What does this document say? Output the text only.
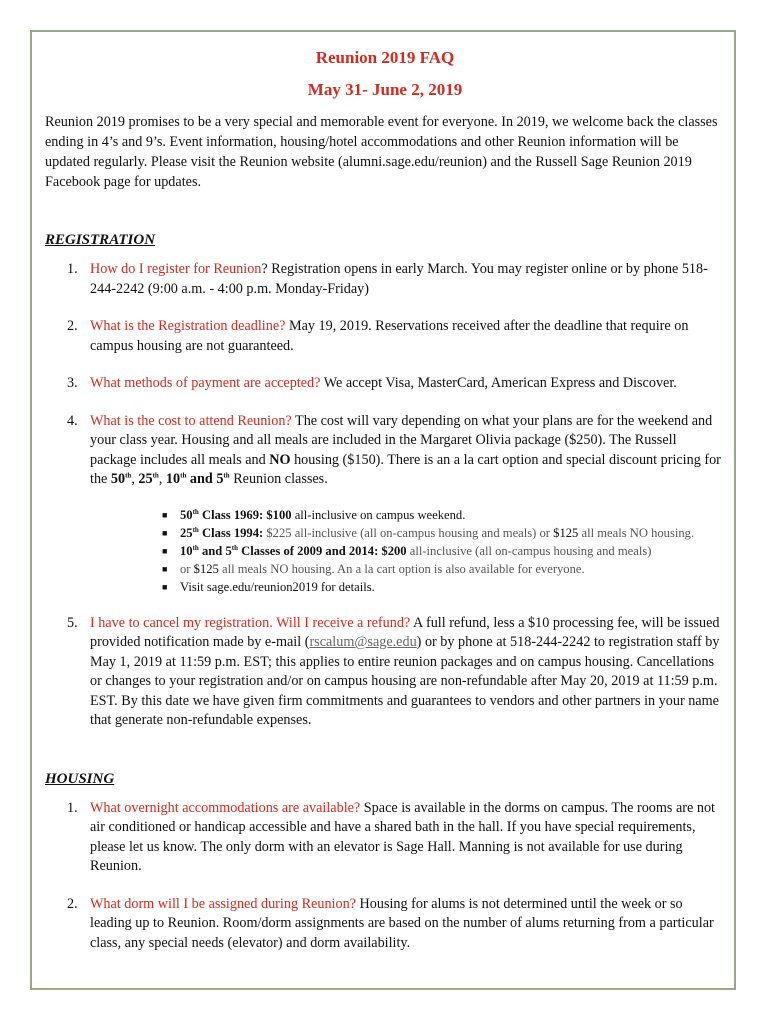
Reunion 2019 FAQ
May 31- June 2, 2019

Reunion 2019 promises to be a very special and memorable event for everyone. In 2019, we welcome back the classes ending in 4’s and 9’s. Event information, housing/hotel accommodations and other Reunion information will be updated regularly. Please visit the Reunion website (alumni.sage.edu/reunion) and the Russell Sage Reunion 2019 Facebook page for updates.

REGISTRATION
1. How do I register for Reunion? Registration opens in early March. You may register online or by phone 518-244-2242 (9:00 a.m. - 4:00 p.m. Monday-Friday)
2. What is the Registration deadline? May 19, 2019. Reservations received after the deadline that require on campus housing are not guaranteed.
3. What methods of payment are accepted? We accept Visa, MasterCard, American Express and Discover.
4. What is the cost to attend Reunion? The cost will vary depending on what your plans are for the weekend and your class year. Housing and all meals are included in the Margaret Olivia package ($250). The Russell package includes all meals and NO housing ($150). There is an a la cart option and special discount pricing for the 50th, 25th, 10th and 5th Reunion classes.
■ 50th Class 1969: $100 all-inclusive on campus weekend.
■ 25th Class 1994: $225 all-inclusive (all on-campus housing and meals) or $125 all meals NO housing.
■ 10th and 5th Classes of 2009 and 2014: $200 all-inclusive (all on-campus housing and meals)
■ or $125 all meals NO housing. An a la cart option is also available for everyone.
■ Visit sage.edu/reunion2019 for details.
5. I have to cancel my registration. Will I receive a refund? A full refund, less a $10 processing fee, will be issued provided notification made by e-mail (rscalum@sage.edu) or by phone at 518-244-2242 to registration staff by May 1, 2019 at 11:59 p.m. EST; this applies to entire reunion packages and on campus housing. Cancellations or changes to your registration and/or on campus housing are non-refundable after May 20, 2019 at 11:59 p.m. EST. By this date we have given firm commitments and guarantees to vendors and other partners in your name that generate non-refundable expenses.
HOUSING
1. What overnight accommodations are available? Space is available in the dorms on campus. The rooms are not air conditioned or handicap accessible and have a shared bath in the hall. If you have special requirements, please let us know. The only dorm with an elevator is Sage Hall. Manning is not available for use during Reunion.
2. What dorm will I be assigned during Reunion? Housing for alums is not determined until the week or so leading up to Reunion. Room/dorm assignments are based on the number of alums returning from a particular class, any special needs (elevator) and dorm availability.
